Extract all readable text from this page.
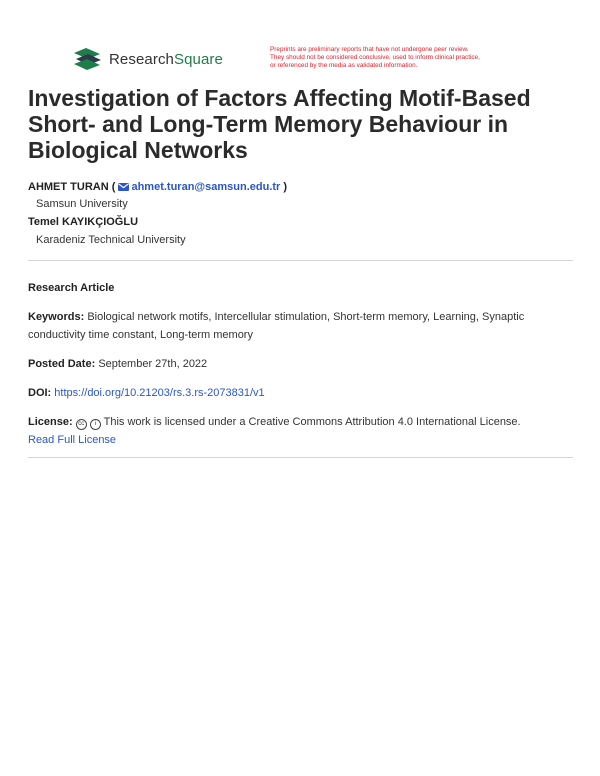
ResearchSquare
Preprints are preliminary reports that have not undergone peer review.
They should not be considered conclusive, used to inform clinical practice,
or referenced by the media as validated information.
Investigation of Factors Affecting Motif-Based Short- and Long-Term Memory Behaviour in Biological Networks
AHMET TURAN ( ahmet.turan@samsun.edu.tr )
Samsun University
Temel KAYIKÇIOĞLU
Karadeniz Technical University
Research Article
Keywords: Biological network motifs, Intercellular stimulation, Short-term memory, Learning, Synaptic conductivity time constant, Long-term memory
Posted Date: September 27th, 2022
DOI: https://doi.org/10.21203/rs.3.rs-2073831/v1
License: cc i This work is licensed under a Creative Commons Attribution 4.0 International License.
Read Full License
